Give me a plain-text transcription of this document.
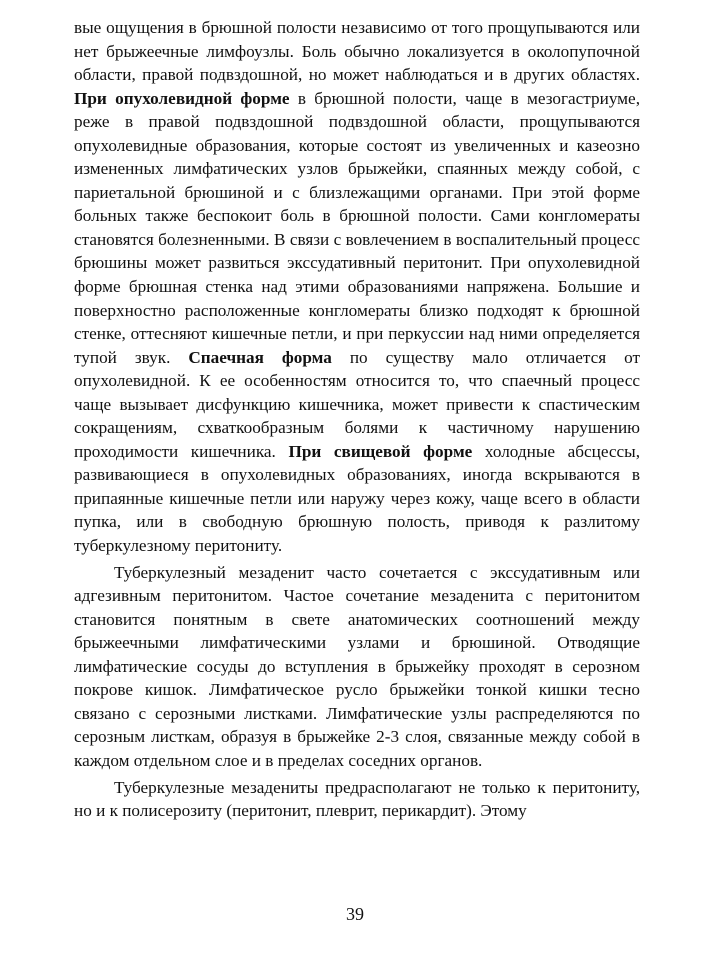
вые ощущения в брюшной полости независимо от того прощупываются или нет брыжеечные лимфоузлы. Боль обычно локализуется в околопупочной области, правой подвздошной, но может наблюдаться и в других областях. При опухолевидной форме в брюшной полости, чаще в мезогастриуме, реже в правой подвздошной подвздошной области, прощупываются опухолевидные образования, которые состоят из увеличенных и казеозно измененных лимфатических узлов брыжейки, спаянных между собой, с париетальной брюшиной и с близлежащими органами. При этой форме больных также беспокоит боль в брюшной полости. Сами конгломераты становятся болезненными. В связи с вовлечением в воспалительный процесс брюшины может развиться экссудативный перитонит. При опухолевидной форме брюшная стенка над этими образованиями напряжена. Большие и поверхностно расположенные конгломераты близко подходят к брюшной стенке, оттесняют кишечные петли, и при перкуссии над ними определяется тупой звук. Спаечная форма по существу мало отличается от опухолевидной. К ее особенностям относится то, что спаечный процесс чаще вызывает дисфункцию кишечника, может привести к спастическим сокращениям, схваткообразным болями к частичному нарушению проходимости кишечника. При свищевой форме холодные абсцессы, развивающиеся в опухолевидных образованиях, иногда вскрываются в припаянные кишечные петли или наружу через кожу, чаще всего в области пупка, или в свободную брюшную полость, приводя к разлитому туберкулезному перитониту.

Туберкулезный мезаденит часто сочетается с экссудативным или адгезивным перитонитом. Частое сочетание мезаденита с перитонитом становится понятным в свете анатомических соотношений между брыжеечными лимфатическими узлами и брюшиной. Отводящие лимфатические сосуды до вступления в брыжейку проходят в серозном покрове кишок. Лимфатическое русло брыжейки тонкой кишки тесно связано с серозными листками. Лимфатические узлы распределяются по серозным листкам, образуя в брыжейке 2-3 слоя, связанные между собой в каждом отдельном слое и в пределах соседних органов.

Туберкулезные мезадениты предрасполагают не только к перитониту, но и к полисерозиту (перитонит, плеврит, перикардит). Этому

39
